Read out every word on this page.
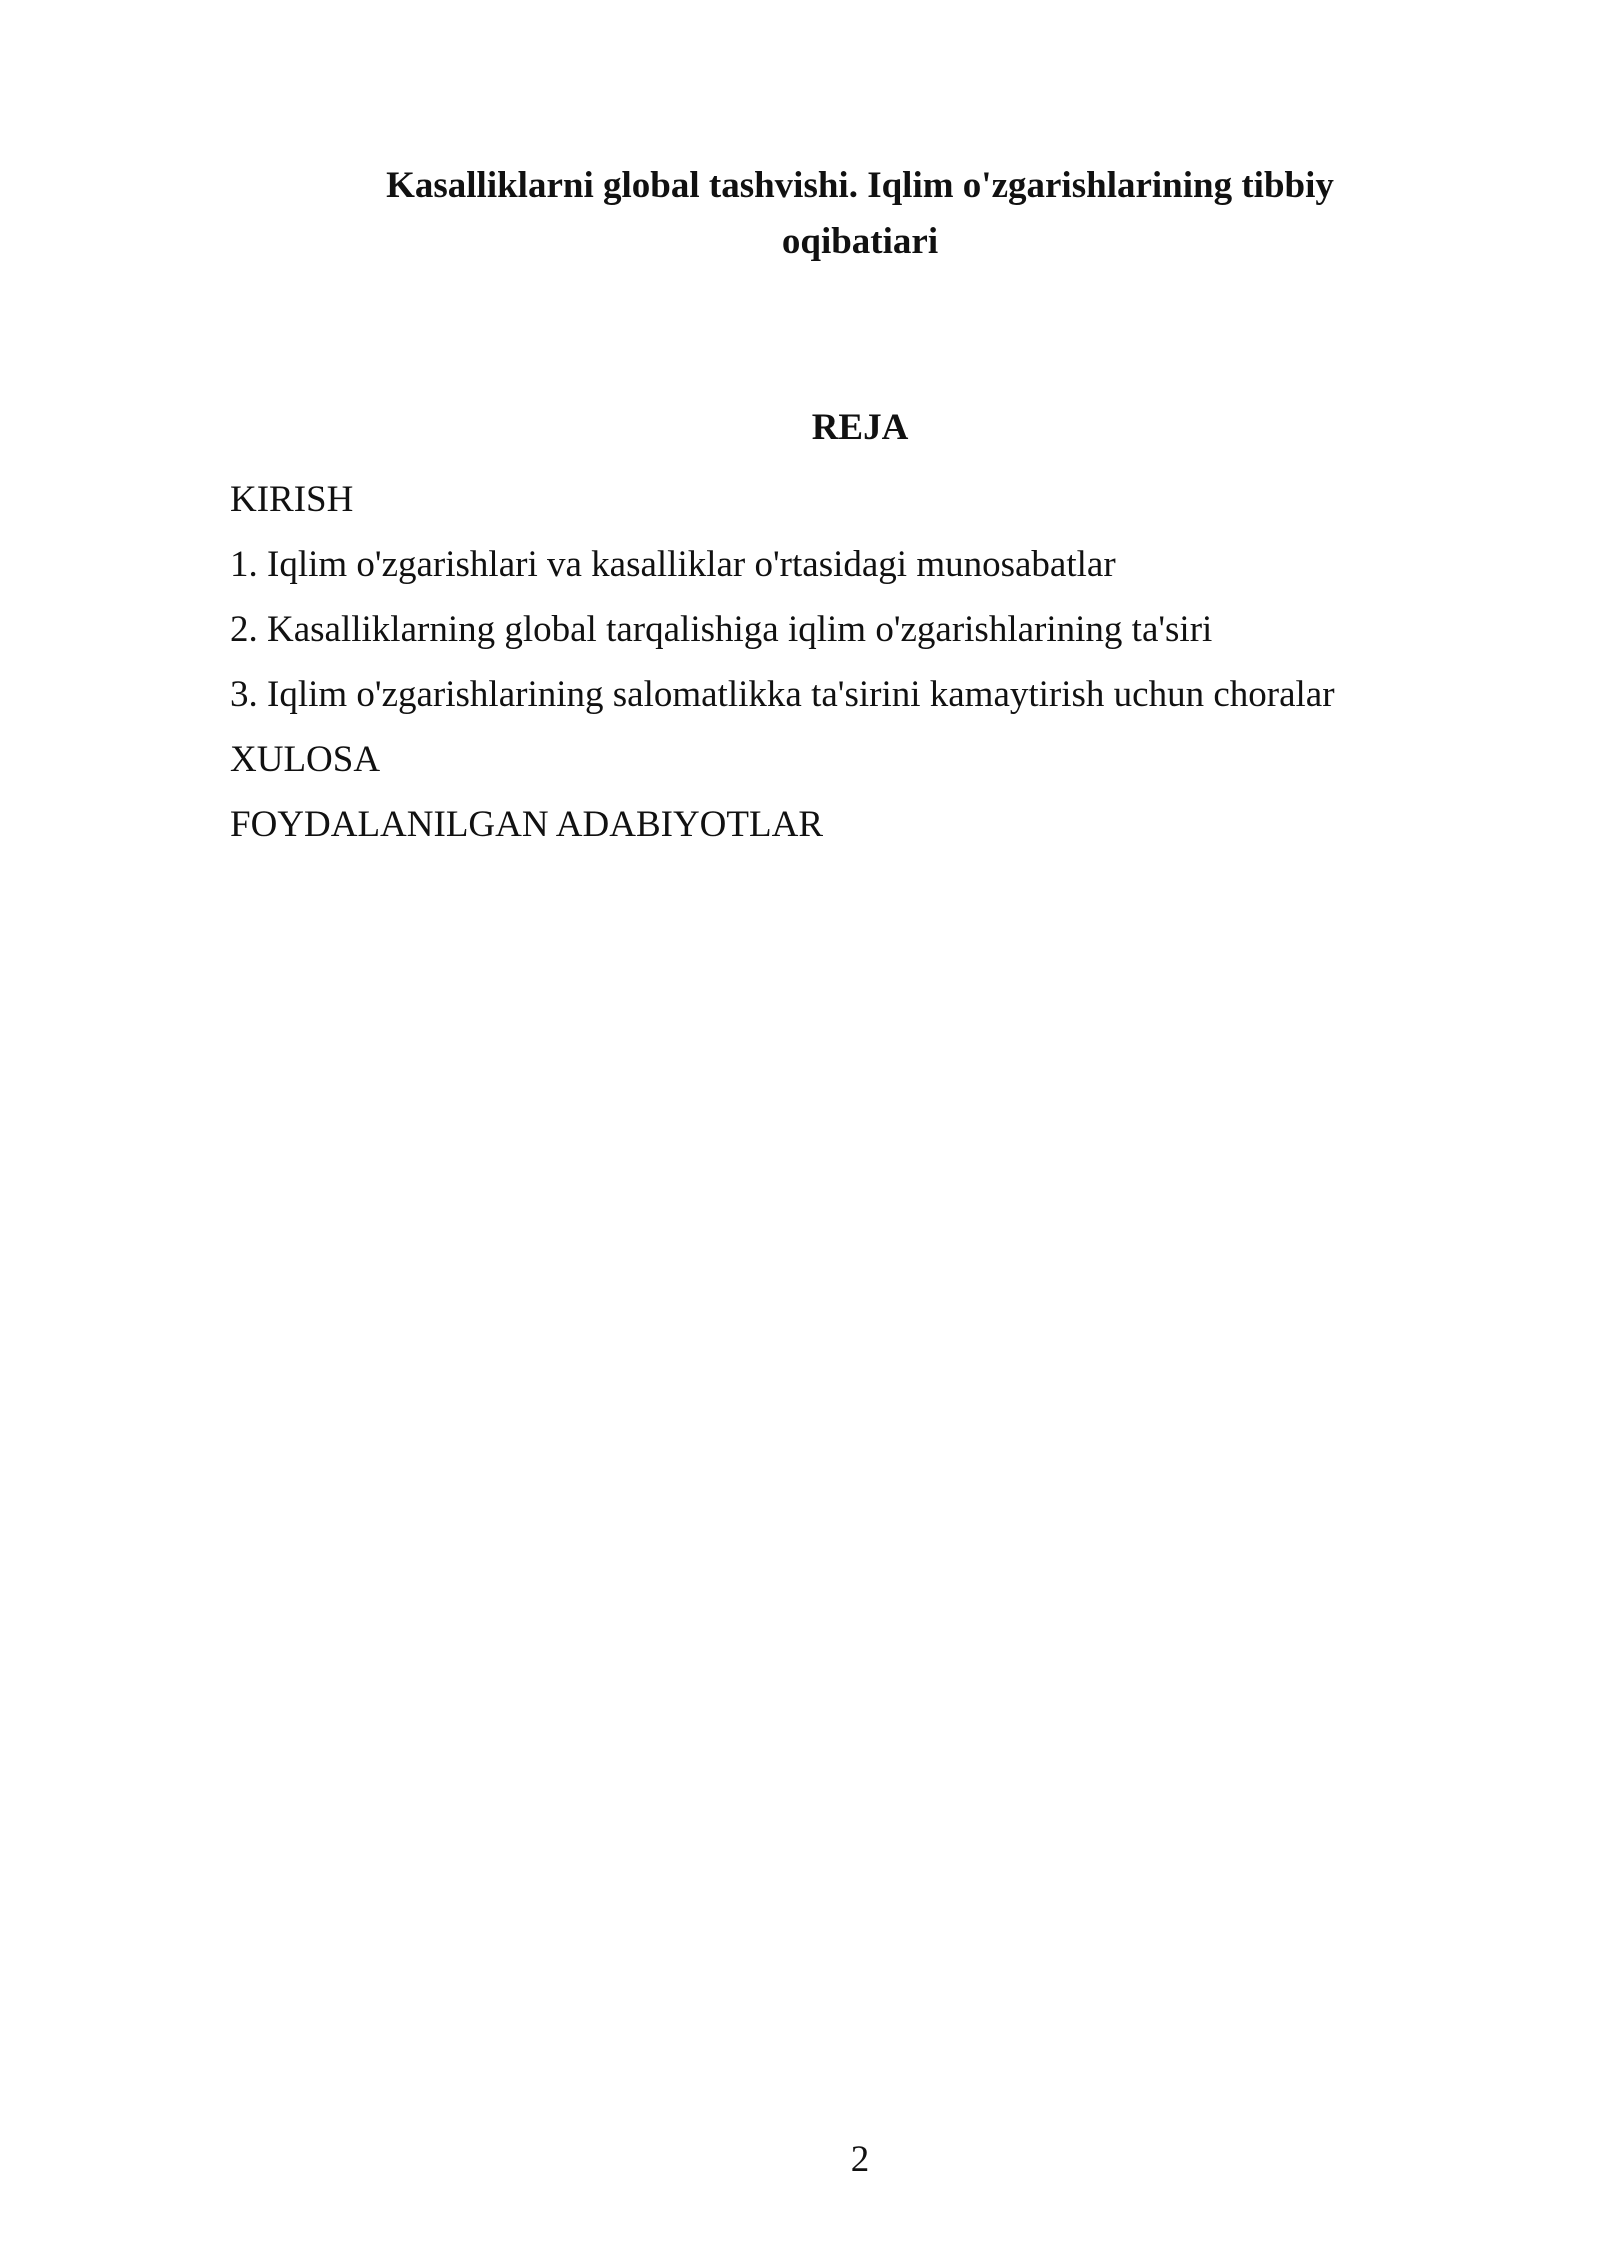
Kasalliklarni global tashvishi. Iqlim o'zgarishlarining tibbiy
oqibatiari
REJA
KIRISH
1. Iqlim o'zgarishlari va kasalliklar o'rtasidagi munosabatlar
2. Kasalliklarning global tarqalishiga iqlim o'zgarishlarining ta'siri
3. Iqlim o'zgarishlarining salomatlikka ta'sirini kamaytirish uchun choralar
XULOSA
FOYDALANILGAN ADABIYOTLAR
2
